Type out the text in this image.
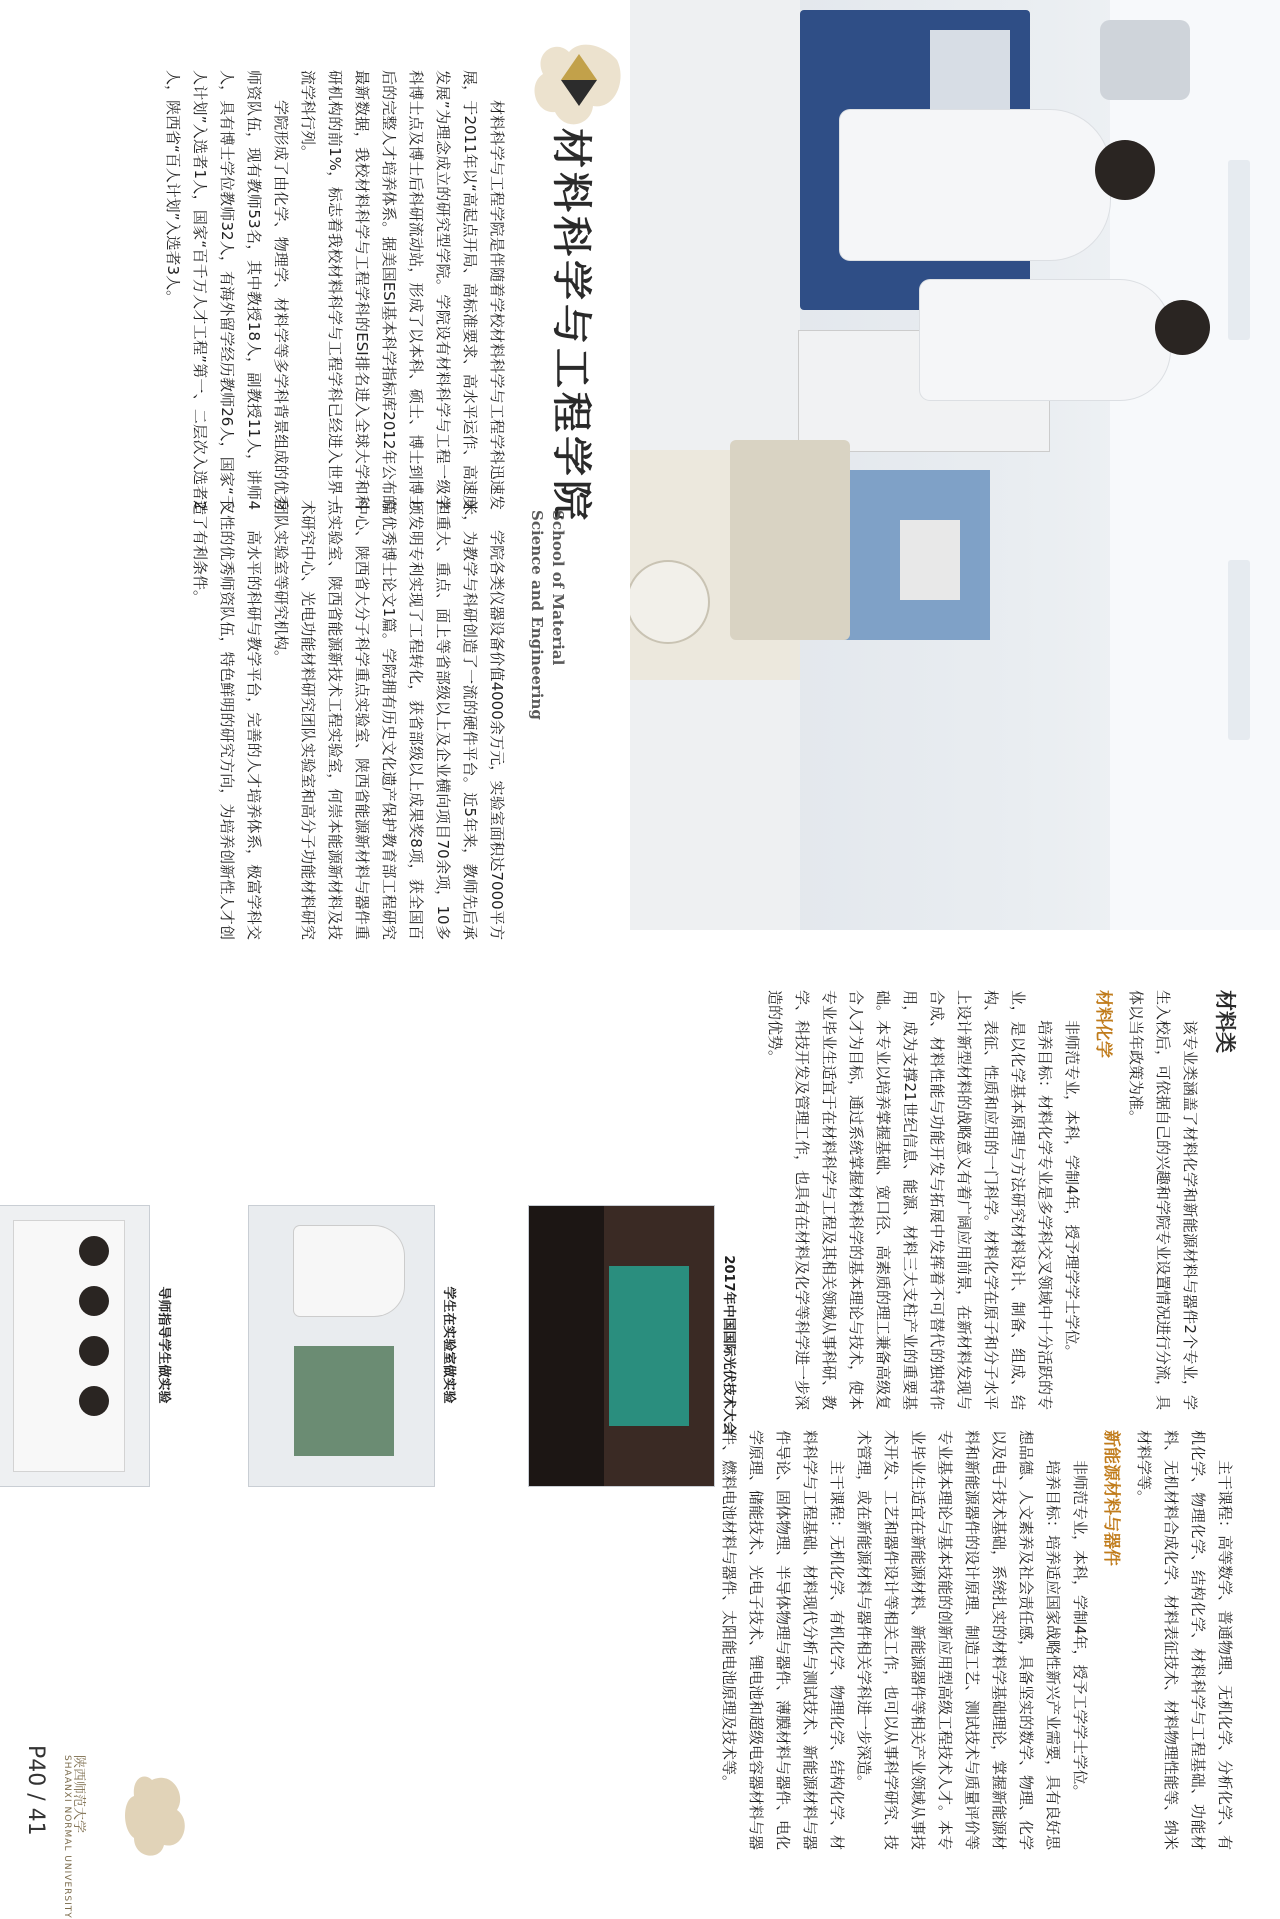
材料科学与工程学院
School of Material Science and Engineering

材料科学与工程学院是伴随着学校材料科学与工程学科迅速发展，于2011年以“高起点开局、高标准要求、高水平运作、高速度发展”为理念成立的研究型学院。学院设有材料科学与工程一级学科博士点及博士后科研流动站，形成了以本科、硕士、博士到博士后的完整人才培养体系。据美国ESI基本科学指标库2012年公布的最新数据，我校材料科学与工程学科的ESI排名进入全球大学和科研机构的前1%，标志着我校材料科学与工程学科已经进入世界一流学科行列。

学院形成了由化学、物理学、材料学等多学科背景组成的优秀师资队伍，现有教师53名，其中教授18人，副教授11人，讲师4人，具有博士学位教师32人，有海外留学经历教师26人，国家“千人计划”入选者1人，国家“百千万人才工程”第一、二层次入选者2人，陕西省“百人计划”入选者3人。

学院各类仪器设备价值4000余万元，实验室面积达7000平方米，为教学与科研创造了一流的硬件平台。近5年来，教师先后承担重大、重点、面上等省部级以上及企业横向项目70余项，10多项发明专利实现了工程转化，获省部级以上成果奖8项，获全国百篇优秀博士论文1篇。学院拥有历史文化遗产保护教育部工程研究中心、陕西省大分子科学重点实验室、陕西省能源新材料与器件重点实验室、陕西省能源新技术工程实验室，何崇本能源新材料及技术研究中心、光电功能材料研究团队实验室和高分子功能材料研究团队实验室等研究机构。

高水平的科研与教学平台，完善的人才培养体系，极富学科交叉性的优秀师资队伍，特色鲜明的研究方向，为培养创新性人才创造了有利条件。

材料类

该专业类涵盖了材料化学和新能源材料与器件2个专业，学生入校后，可依据自己的兴趣和学院专业设置情况进行分流，具体以当年政策为准。

材料化学

非师范专业，本科，学制4年，授予理学学士学位。

培养目标：材料化学专业是多学科交叉领域中十分活跃的专业，是以化学基本原理与方法研究材料设计、制备、组成、结构、表征、性质和应用的一门科学。材料化学在原子和分子水平上设计新型材料的战略意义有着广阔应用前景，在新材料发现与合成、材料性能与功能开发与拓展中发挥着不可替代的独特作用，成为支撑21世纪信息、能源、材料三大支柱产业的重要基础。本专业以培养掌握基础、宽口径、高素质的理工兼备高级复合人才为目标，通过系统掌握材料科学的基本理论与技术，使本专业毕业生适宜于在材料科学与工程及其相关领域从事科研、教学、科技开发及管理工作，也具有在材料及化学等科学进一步深造的优势。

主干课程：高等数学、普通物理、无机化学、分析化学、有机化学、物理化学、结构化学、材料科学与工程基础、功能材料、无机材料合成化学、材料表征技术、材料物理性能等、纳米材料学等。

新能源材料与器件

非师范专业，本科，学制4年，授予工学学士学位。

培养目标：培养适应国家战略性新兴产业需要，具有良好思想品德、人文素养及社会责任感，具备坚实的数学、物理、化学以及电子技术基础，系统扎实的材料学基础理论，掌握新能源材料和新能源器件的设计原理、制造工艺、测试技术与质量评价等专业基本理论与基本技能的创新应用型高级工程技术人才。本专业毕业生适宜在新能源材料、新能源器件等相关产业领域从事技术开发、工艺和器件设计等相关工作，也可以从事科学研究、技术管理，或在新能源材料与器件相关学科进一步深造。

主干课程：无机化学、有机化学、物理化学、结构化学、材料科学与工程基础、材料现代分析与测试技术、新能源材料与器件导论、固体物理、半导体物理与器件、薄膜材料与器件、电化学原理、储能技术、光电子技术、锂电池和超级电容器材料与器件、燃料电池材料与器件、太阳能电池原理及技术等。

2017年中国国际光伏技术大会
学生在实验室做实验
导师指导学生做实验
陕西师范大学
SHAANXI NORMAL UNIVERSITY
P40 / 41
